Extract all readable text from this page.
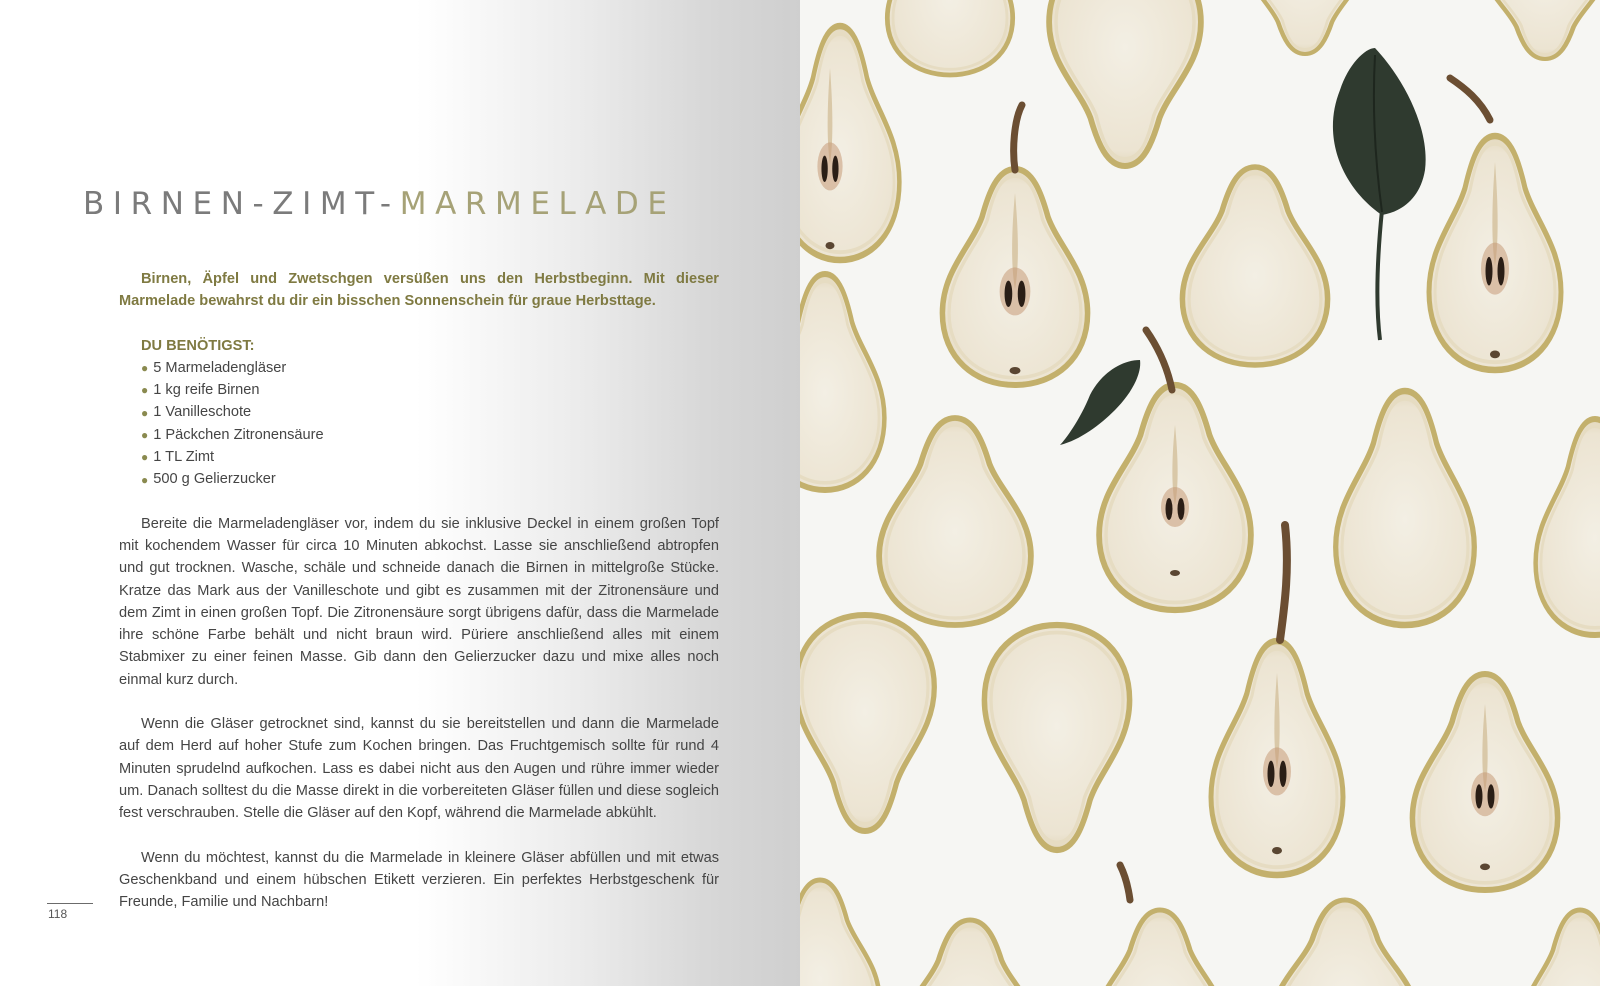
BIRNEN-ZIMT-MARMELADE

Birnen, Äpfel und Zwetschgen versüßen uns den Herbstbeginn. Mit dieser Marmelade bewahrst du dir ein bisschen Sonnenschein für graue Herbsttage.

DU BENÖTIGST:

● 5 Marmeladengläser
● 1 kg reife Birnen
● 1 Vanilleschote
● 1 Päckchen Zitronensäure
● 1 TL Zimt
● 500 g Gelierzucker

Bereite die Marmeladengläser vor, indem du sie inklusive Deckel in einem großen Topf mit kochendem Wasser für circa 10 Minuten abkochst. Lasse sie anschließend abtropfen und gut trocknen. Wasche, schäle und schneide danach die Birnen in mittelgroße Stücke. Kratze das Mark aus der Vanilleschote und gibt es zusammen mit der Zitronensäure und dem Zimt in einen großen Topf. Die Zitronensäure sorgt übrigens dafür, dass die Marmelade ihre schöne Farbe behält und nicht braun wird. Püriere anschließend alles mit einem Stabmixer zu einer feinen Masse. Gib dann den Gelierzucker dazu und mixe alles noch einmal kurz durch.

Wenn die Gläser getrocknet sind, kannst du sie bereitstellen und dann die Marmelade auf dem Herd auf hoher Stufe zum Kochen bringen. Das Fruchtgemisch sollte für rund 4 Minuten sprudelnd aufkochen. Lass es dabei nicht aus den Augen und rühre immer wieder um. Danach solltest du die Masse direkt in die vorbereiteten Gläser füllen und diese sogleich fest verschrauben. Stelle die Gläser auf den Kopf, während die Marmelade abkühlt.

Wenn du möchtest, kannst du die Marmelade in kleinere Gläser abfüllen und mit etwas Geschenkband und einem hübschen Etikett verzieren. Ein perfektes Herbstgeschenk für Freunde, Familie und Nachbarn!

118
